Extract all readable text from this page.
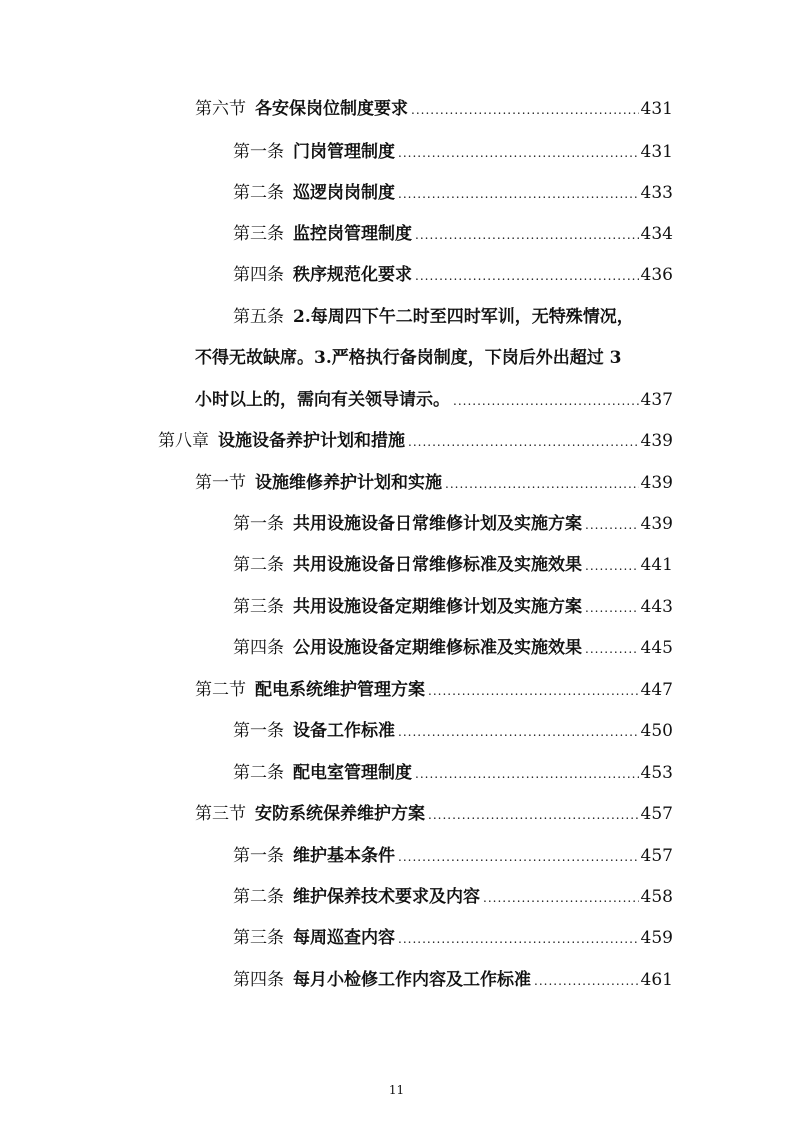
第六节 各安保岗位制度要求 .....	431
第一条 门岗管理制度 .....	431
第二条 巡逻岗岗制度 .....	433
第三条 监控岗管理制度 .....	434
第四条 秩序规范化要求 .....	436
第五条 2.每周四下午二时至四时军训，无特殊情况，
不得无故缺席。3.严格执行备岗制度，下岗后外出超过 3
小时以上的，需向有关领导请示。 .....	437
第八章 设施设备养护计划和措施 .....	439
第一节 设施维修养护计划和实施 .....	439
第一条 共用设施设备日常维修计划及实施方案 .....	439
第二条 共用设施设备日常维修标准及实施效果 .....	441
第三条 共用设施设备定期维修计划及实施方案 .....	443
第四条 公用设施设备定期维修标准及实施效果 .....	445
第二节 配电系统维护管理方案 .....	447
第一条 设备工作标准 .....	450
第二条 配电室管理制度 .....	453
第三节 安防系统保养维护方案 .....	457
第一条 维护基本条件 .....	457
第二条 维护保养技术要求及内容 .....	458
第三条 每周巡查内容 .....	459
第四条 每月小检修工作内容及工作标准 .....	461
11
